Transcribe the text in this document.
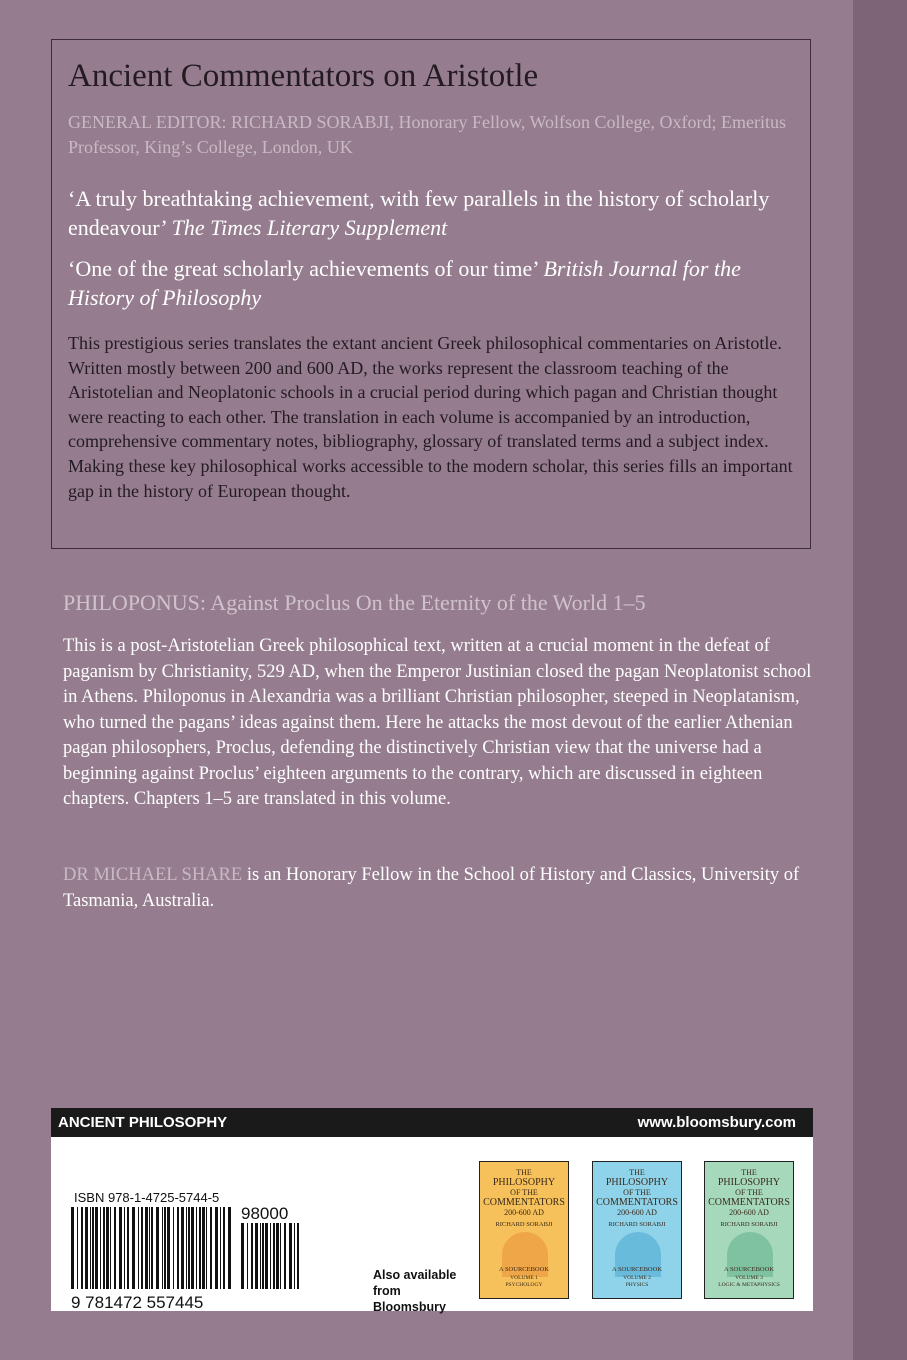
Ancient Commentators on Aristotle
GENERAL EDITOR: RICHARD SORABJI, Honorary Fellow, Wolfson College, Oxford; Emeritus Professor, King’s College, London, UK
‘A truly breathtaking achievement, with few parallels in the history of scholarly endeavour’ The Times Literary Supplement
‘One of the great scholarly achievements of our time’ British Journal for the History of Philosophy
This prestigious series translates the extant ancient Greek philosophical commentaries on Aristotle. Written mostly between 200 and 600 AD, the works represent the classroom teaching of the Aristotelian and Neoplatonic schools in a crucial period during which pagan and Christian thought were reacting to each other. The translation in each volume is accompanied by an introduction, comprehensive commentary notes, bibliography, glossary of translated terms and a subject index. Making these key philosophical works accessible to the modern scholar, this series fills an important gap in the history of European thought.
PHILOPONUS: Against Proclus On the Eternity of the World 1–5
This is a post-Aristotelian Greek philosophical text, written at a crucial moment in the defeat of paganism by Christianity, 529 AD, when the Emperor Justinian closed the pagan Neoplatonist school in Athens. Philoponus in Alexandria was a brilliant Christian philosopher, steeped in Neoplatanism, who turned the pagans’ ideas against them. Here he attacks the most devout of the earlier Athenian pagan philosophers, Proclus, defending the distinctively Christian view that the universe had a beginning against Proclus’ eighteen arguments to the contrary, which are discussed in eighteen chapters. Chapters 1–5 are translated in this volume.
DR MICHAEL SHARE is an Honorary Fellow in the School of History and Classics, University of Tasmania, Australia.
ANCIENT PHILOSOPHY	www.bloomsbury.com
ISBN 978-1-4725-5744-5
9 781472 557445
98000
Also available from Bloomsbury
THE
PHILOSOPHY
OF THE
COMMENTATORS
200-600 AD
RICHARD SORABJI
A SOURCEBOOK
VOLUME 1
PSYCHOLOGY
THE
PHILOSOPHY
OF THE
COMMENTATORS
200-600 AD
RICHARD SORABJI
A SOURCEBOOK
VOLUME 2
PHYSICS
THE
PHILOSOPHY
OF THE
COMMENTATORS
200-600 AD
RICHARD SORABJI
A SOURCEBOOK
VOLUME 3
LOGIC & METAPHYSICS
